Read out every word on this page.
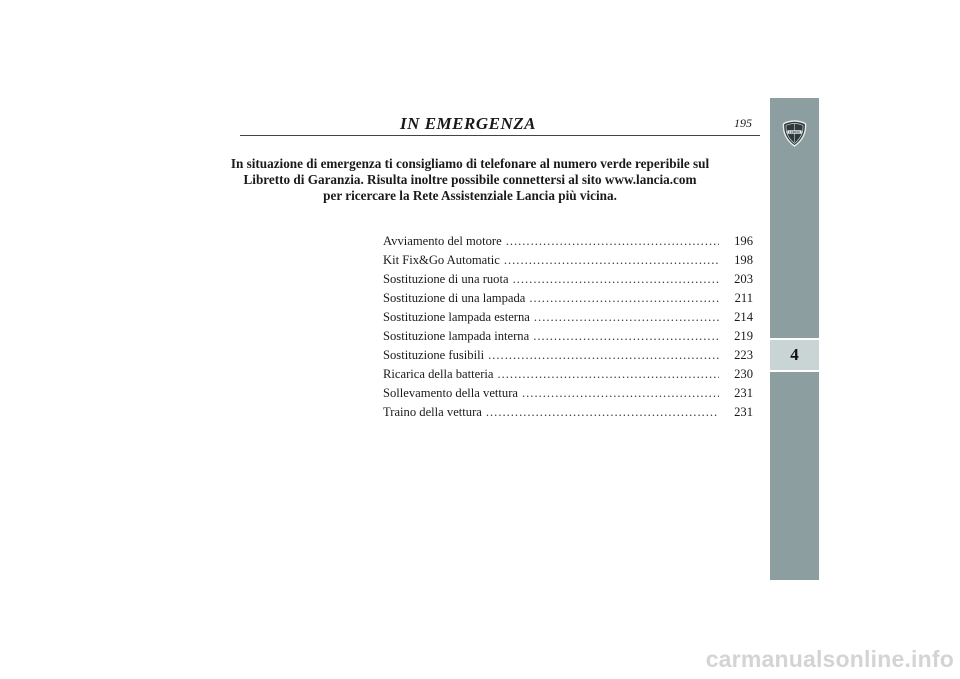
IN EMERGENZA	195
In situazione di emergenza ti consigliamo di telefonare al numero verde reperibile sul
Libretto di Garanzia. Risulta inoltre possibile connettersi al sito www.lancia.com
per ricercare la Rete Assistenziale Lancia più vicina.
Avviamento del motore .....	196
Kit Fix&Go Automatic .....	198
Sostituzione di una ruota .....	203
Sostituzione di una lampada .....	211
Sostituzione lampada esterna .....	214
Sostituzione lampada interna .....	219
Sostituzione fusibili .....	223
Ricarica della batteria .....	230
Sollevamento della vettura .....	231
Traino della vettura .....	231
LANCIA
4
carmanualsonline.info
